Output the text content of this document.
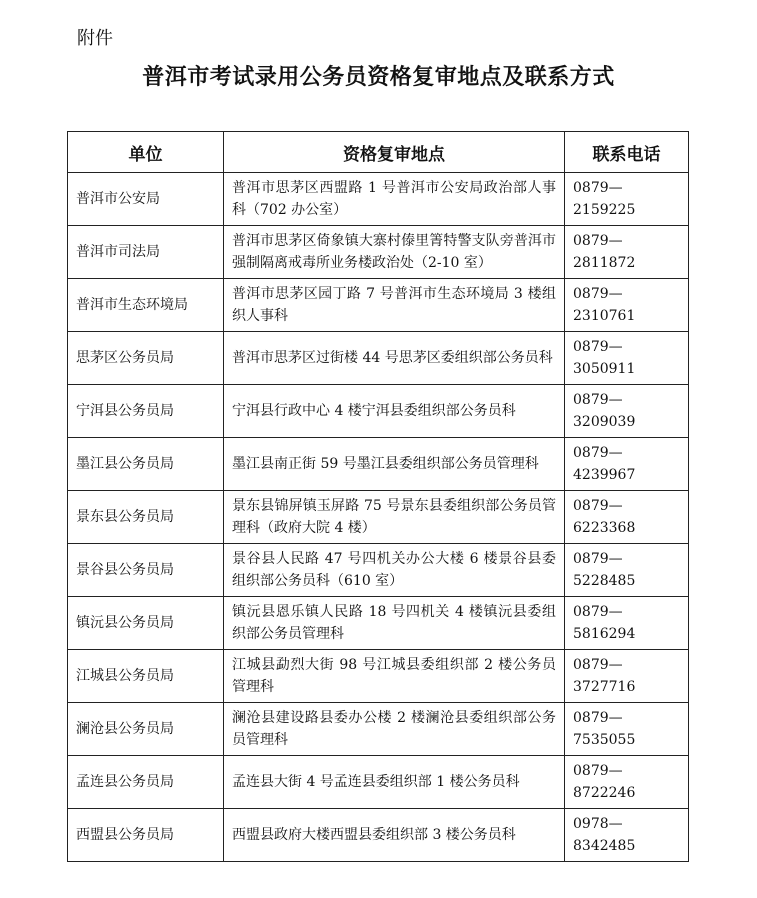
附件
普洱市考试录用公务员资格复审地点及联系方式
单位	资格复审地点	联系电话
普洱市公安局	普洱市思茅区西盟路 1 号普洱市公安局政治部人事科（702 办公室）	0879—2159225
普洱市司法局	普洱市思茅区倚象镇大寨村傣里箐特警支队旁普洱市强制隔离戒毒所业务楼政治处（2-10 室）	0879—2811872
普洱市生态环境局	普洱市思茅区园丁路 7 号普洱市生态环境局 3 楼组织人事科	0879—2310761
思茅区公务员局	普洱市思茅区过街楼 44 号思茅区委组织部公务员科	0879—3050911
宁洱县公务员局	宁洱县行政中心 4 楼宁洱县委组织部公务员科	0879—3209039
墨江县公务员局	墨江县南正街 59 号墨江县委组织部公务员管理科	0879—4239967
景东县公务员局	景东县锦屏镇玉屏路 75 号景东县委组织部公务员管理科（政府大院 4 楼）	0879—6223368
景谷县公务员局	景谷县人民路 47 号四机关办公大楼 6 楼景谷县委组织部公务员科（610 室）	0879—5228485
镇沅县公务员局	镇沅县恩乐镇人民路 18 号四机关 4 楼镇沅县委组织部公务员管理科	0879—5816294
江城县公务员局	江城县勐烈大街 98 号江城县委组织部 2 楼公务员管理科	0879—3727716
澜沧县公务员局	澜沧县建设路县委办公楼 2 楼澜沧县委组织部公务员管理科	0879—7535055
孟连县公务员局	孟连县大街 4 号孟连县委组织部 1 楼公务员科	0879—8722246
西盟县公务员局	西盟县政府大楼西盟县委组织部 3 楼公务员科	0978—8342485
